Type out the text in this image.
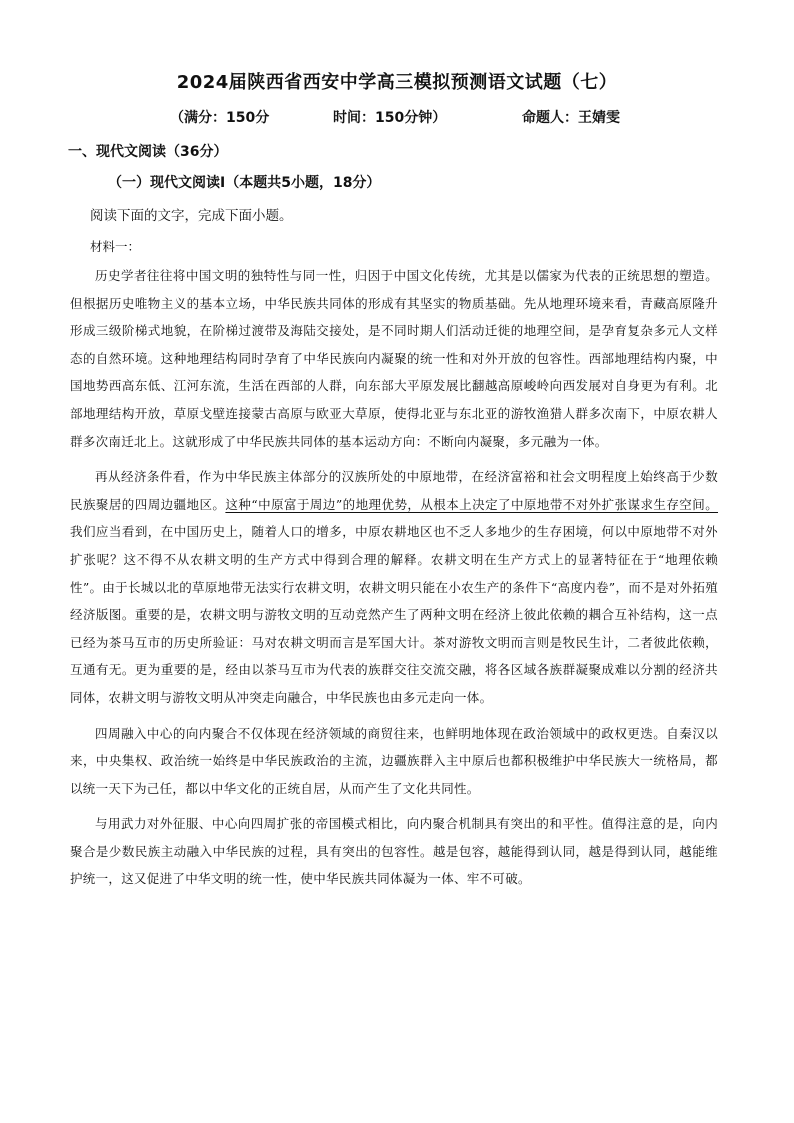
2024届陕西省西安中学高三模拟预测语文试题（七）
（满分：150分	时间：150分钟）	命题人：王婧雯
一、现代文阅读（36分）
（一）现代文阅读Ⅰ（本题共5小题，18分）
阅读下面的文字，完成下面小题。
材料一：

历史学者往往将中国文明的独特性与同一性，归因于中国文化传统，尤其是以儒家为代表的正统思想的塑造。但根据历史唯物主义的基本立场，中华民族共同体的形成有其坚实的物质基础。先从地理环境来看，青藏高原隆升形成三级阶梯式地貌，在阶梯过渡带及海陆交接处，是不同时期人们活动迁徙的地理空间，是孕育复杂多元人文样态的自然环境。这种地理结构同时孕育了中华民族向内凝聚的统一性和对外开放的包容性。西部地理结构内聚，中国地势西高东低、江河东流，生活在西部的人群，向东部大平原发展比翻越高原峻岭向西发展对自身更为有利。北部地理结构开放，草原戈壁连接蒙古高原与欧亚大草原，使得北亚与东北亚的游牧渔猎人群多次南下，中原农耕人群多次南迁北上。这就形成了中华民族共同体的基本运动方向：不断向内凝聚，多元融为一体。

再从经济条件看，作为中华民族主体部分的汉族所处的中原地带，在经济富裕和社会文明程度上始终高于少数民族聚居的四周边疆地区。这种“中原富于周边”的地理优势，从根本上决定了中原地带不对外扩张谋求生存空间。我们应当看到，在中国历史上，随着人口的增多，中原农耕地区也不乏人多地少的生存困境，何以中原地带不对外扩张呢？这不得不从农耕文明的生产方式中得到合理的解释。农耕文明在生产方式上的显著特征在于“地理依赖性”。由于长城以北的草原地带无法实行农耕文明，农耕文明只能在小农生产的条件下“高度内卷”，而不是对外拓殖经济版图。重要的是，农耕文明与游牧文明的互动竞然产生了两种文明在经济上彼此依赖的耦合互补结构，这一点已经为茶马互市的历史所验证：马对农耕文明而言是军国大计。茶对游牧文明而言则是牧民生计，二者彼此依赖，互通有无。更为重要的是，经由以茶马互市为代表的族群交往交流交融，将各区域各族群凝聚成难以分割的经济共同体，农耕文明与游牧文明从冲突走向融合，中华民族也由多元走向一体。

四周融入中心的向内聚合不仅体现在经济领域的商贸往来，也鲜明地体现在政治领域中的政权更迭。自秦汉以来，中央集权、政治统一始终是中华民族政治的主流，边疆族群入主中原后也都积极维护中华民族大一统格局，都以统一天下为己任，都以中华文化的正统自居，从而产生了文化共同性。

与用武力对外征服、中心向四周扩张的帝国模式相比，向内聚合机制具有突出的和平性。值得注意的是，向内聚合是少数民族主动融入中华民族的过程，具有突出的包容性。越是包容，越能得到认同，越是得到认同，越能维护统一，这又促进了中华文明的统一性，使中华民族共同体凝为一体、牢不可破。
